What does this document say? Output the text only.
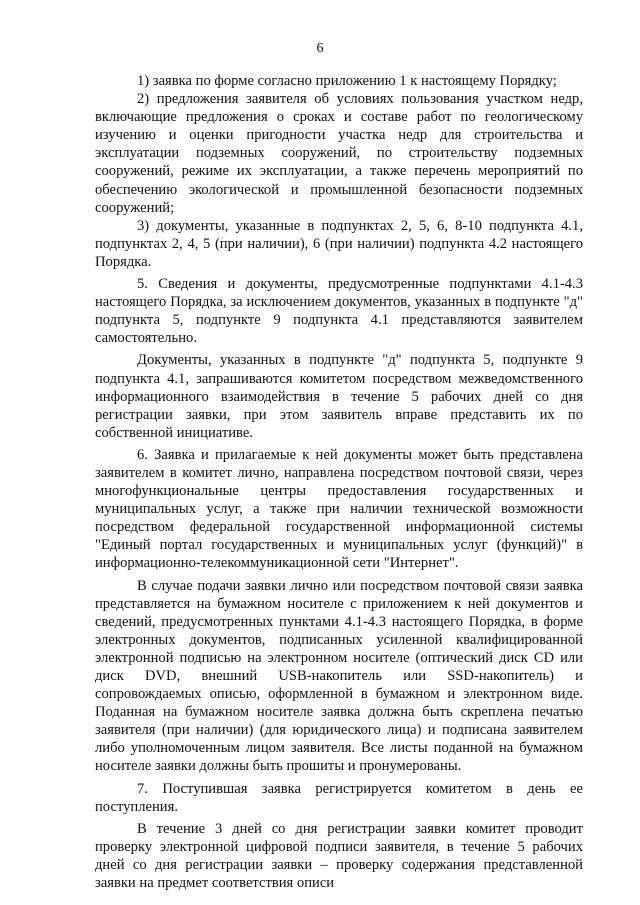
6

1) заявка по форме согласно приложению 1 к настоящему Порядку;

2) предложения заявителя об условиях пользования участком недр, включающие предложения о сроках и составе работ по геологическому изучению и оценки пригодности участка недр для строительства и эксплуатации подземных сооружений, по строительству подземных сооружений, режиме их эксплуатации, а также перечень мероприятий по обеспечению экологической и промышленной безопасности подземных сооружений;

3) документы, указанные в подпунктах 2, 5, 6, 8-10 подпункта 4.1, подпунктах 2, 4, 5 (при наличии), 6 (при наличии) подпункта 4.2 настоящего Порядка.

5. Сведения и документы, предусмотренные подпунктами 4.1-4.3 настоящего Порядка, за исключением документов, указанных в подпункте "д" подпункта 5, подпункте 9 подпункта 4.1 представляются заявителем самостоятельно.

Документы, указанных в подпункте "д" подпункта 5, подпункте 9 подпункта 4.1, запрашиваются комитетом посредством межведомственного информационного взаимодействия в течение 5 рабочих дней со дня регистрации заявки, при этом заявитель вправе представить их по собственной инициативе.

6. Заявка и прилагаемые к ней документы может быть представлена заявителем в комитет лично, направлена посредством почтовой связи, через многофункциональные центры предоставления государственных и муниципальных услуг, а также при наличии технической возможности посредством федеральной государственной информационной системы "Единый портал государственных и муниципальных услуг (функций)" в информационно-телекоммуникационной сети "Интернет".

В случае подачи заявки лично или посредством почтовой связи заявка представляется на бумажном носителе с приложением к ней документов и сведений, предусмотренных пунктами 4.1-4.3 настоящего Порядка, в форме электронных документов, подписанных усиленной квалифицированной электронной подписью на электронном носителе (оптический диск CD или диск DVD, внешний USB-накопитель или SSD-накопитель) и сопровождаемых описью, оформленной в бумажном и электронном виде. Поданная на бумажном носителе заявка должна быть скреплена печатью заявителя (при наличии) (для юридического лица) и подписана заявителем либо уполномоченным лицом заявителя. Все листы поданной на бумажном носителе заявки должны быть прошиты и пронумерованы.

7. Поступившая заявка регистрируется комитетом в день ее поступления.

В течение 3 дней со дня регистрации заявки комитет проводит проверку электронной цифровой подписи заявителя, в течение 5 рабочих дней со дня регистрации заявки – проверку содержания представленной заявки на предмет соответствия описи
